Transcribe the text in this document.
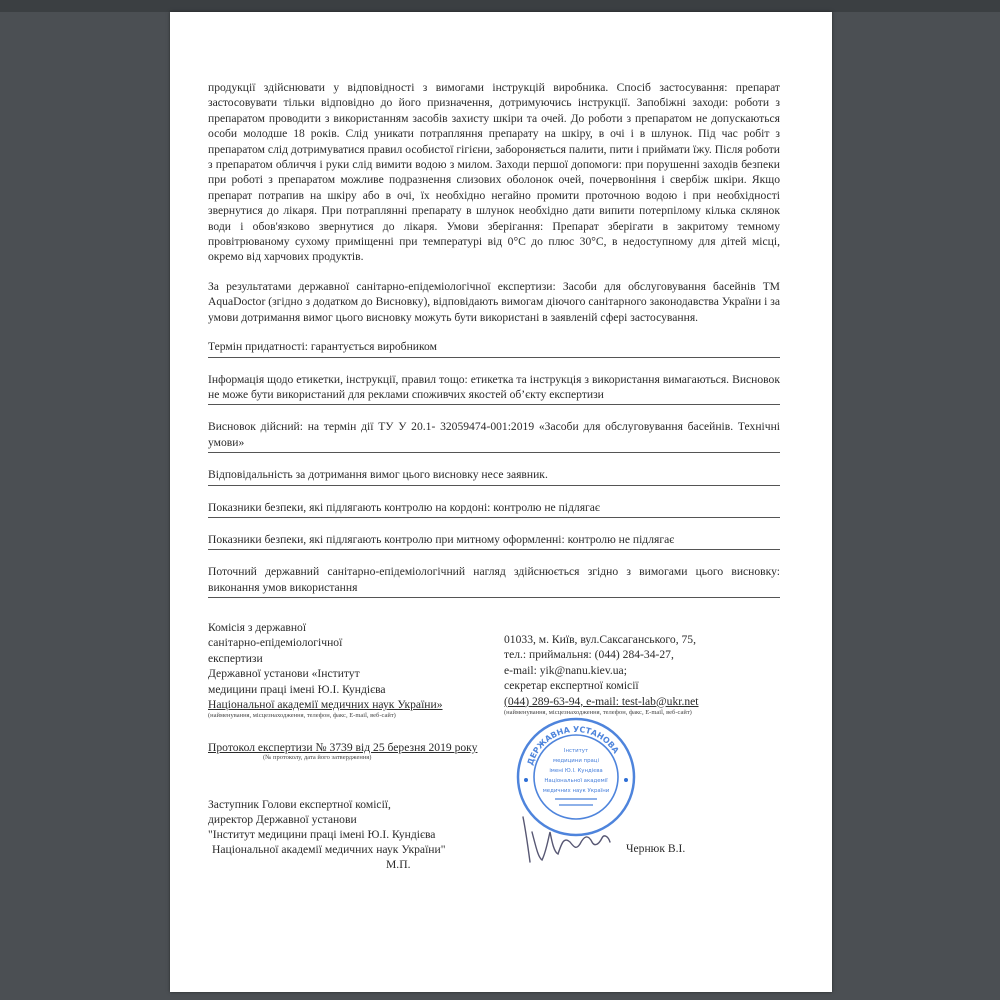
продукції здійснювати у відповідності з вимогами інструкцій виробника. Спосіб застосування: препарат застосовувати тільки відповідно до його призначення, дотримуючись інструкції. Запобіжні заходи: роботи з препаратом проводити з використанням засобів захисту шкіри та очей. До роботи з препаратом не допускаються особи молодше 18 років. Слід уникати потрапляння препарату на шкіру, в очі і в шлунок. Під час робіт з препаратом слід дотримуватися правил особистої гігієни, забороняється палити, пити і приймати їжу. Після роботи з препаратом обличчя і руки слід вимити водою з милом. Заходи першої допомоги: при порушенні заходів безпеки при роботі з препаратом можливе подразнення слизових оболонок очей, почервоніння і свербіж шкіри. Якщо препарат потрапив на шкіру або в очі, їх необхідно негайно промити проточною водою і при необхідності звернутися до лікаря. При потраплянні препарату в шлунок необхідно дати випити потерпілому кілька склянок води і обов'язково звернутися до лікаря. Умови зберігання: Препарат зберігати в закритому темному провітрюваному сухому приміщенні при температурі від 0°С до плюс 30°С, в недоступному для дітей місці, окремо від харчових продуктів.

За результатами державної санітарно-епідеміологічної експертизи: Засоби для обслуговування басейнів ТМ AquaDoctor (згідно з додатком до Висновку), відповідають вимогам діючого санітарного законодавства України і за умови дотримання вимог цього висновку можуть бути використані в заявленій сфері застосування.

Термін придатності: гарантується виробником
Інформація щодо етикетки, інструкції, правил тощо: етикетка та інструкція з використання вимагаються. Висновок не може бути використаний для реклами споживчих якостей об’єкту експертизи
Висновок дійсний: на термін дії ТУ У 20.1- 32059474-001:2019 «Засоби для обслуговування басейнів. Технічні умови»
Відповідальність за дотримання вимог цього висновку несе заявник.
Показники безпеки, які підлягають контролю на кордоні: контролю не підлягає
Показники безпеки, які підлягають контролю при митному оформленні: контролю не підлягає
Поточний державний санітарно-епідеміологічний нагляд здійснюється згідно з вимогами цього висновку: виконання умов використання
Комісія з державної
санітарно-епідеміологічної
експертизи
Державної установи «Інститут
медицини праці імені Ю.І. Кундієва
Національної академії медичних наук України»
(найменування, місцезнаходження, телефон, факс, Е-mail, веб-сайт)
01033, м. Київ, вул.Саксаганського, 75,
тел.: приймальня: (044) 284-34-27,
e-mail: yik@nanu.kiev.ua;
секретар експертної комісії
(044) 289-63-94, e-mail: test-lab@ukr.net
(найменування, місцезнаходження, телефон, факс, Е-mail, веб-сайт)
Протокол експертизи № 3739 від 25 березня 2019 року
(№ протоколу, дата його затвердження)
Заступник Голови експертної комісії,
директор Державної установи
"Інститут медицини праці імені Ю.І. Кундієва
Національної академії медичних наук України"
М.П.
ДЕРЖАВНА УСТАНОВА
Інститут
медицини праці
імені Ю.І. Кундієва
Національної академії
медичних наук України
Чернюк В.І.
